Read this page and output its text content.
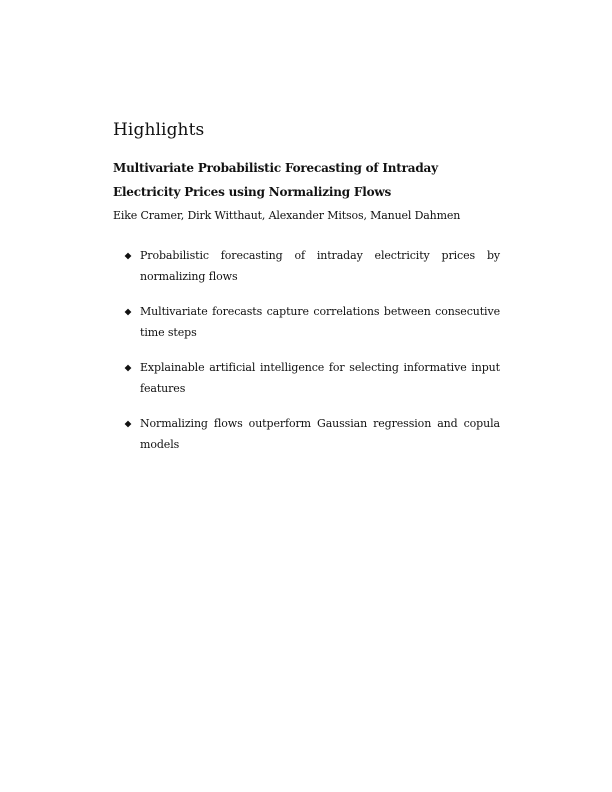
Highlights
Multivariate Probabilistic Forecasting of Intraday Electricity Prices using Normalizing Flows

Eike Cramer, Dirk Witthaut, Alexander Mitsos, Manuel Dahmen

Probabilistic forecasting of intraday electricity prices by normalizing flows
Multivariate forecasts capture correlations between consecutive time steps
Explainable artificial intelligence for selecting informative input features
Normalizing flows outperform Gaussian regression and copula models
